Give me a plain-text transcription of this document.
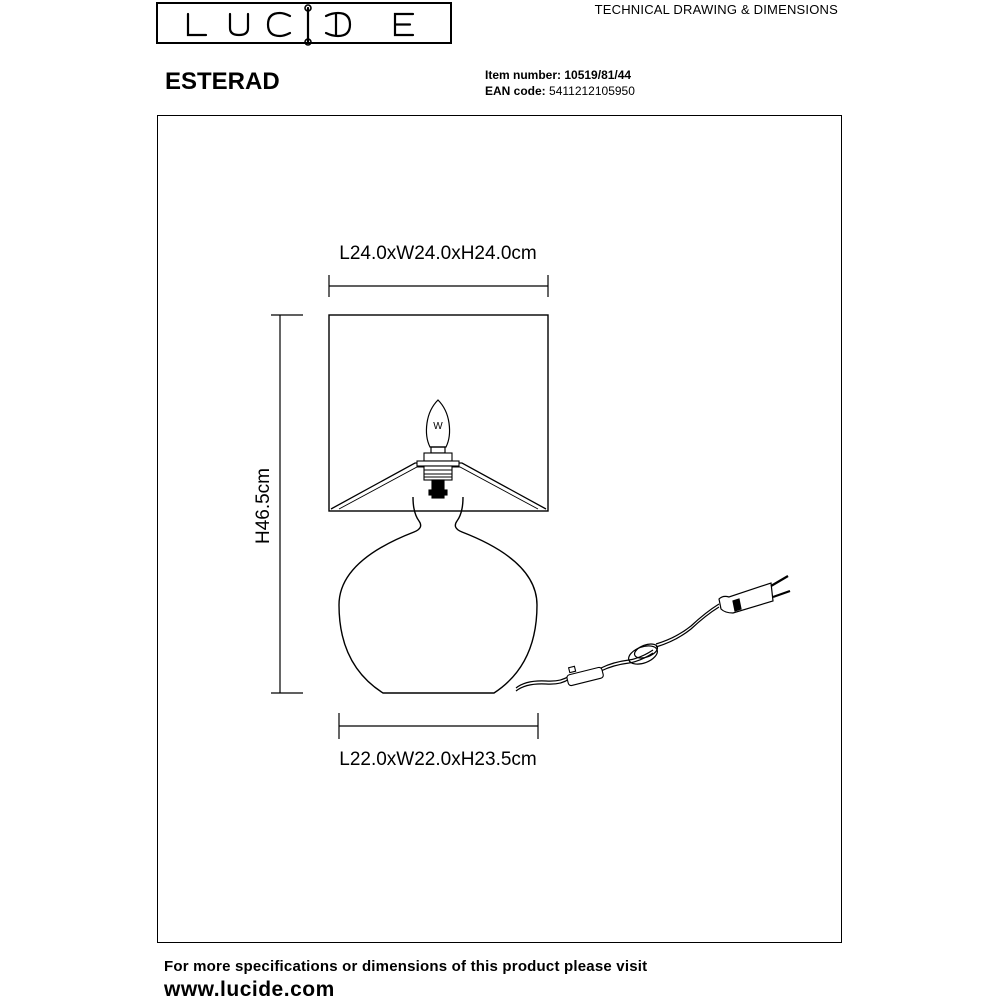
TECHNICAL DRAWING & DIMENSIONS
ESTERAD	Item number: 10519/81/44
EAN code: 5411212105950
L24.0xW24.0xH24.0cm
H46.5cm
W
L22.0xW22.0xH23.5cm
For more specifications or dimensions of this product please visit
www.lucide.com
